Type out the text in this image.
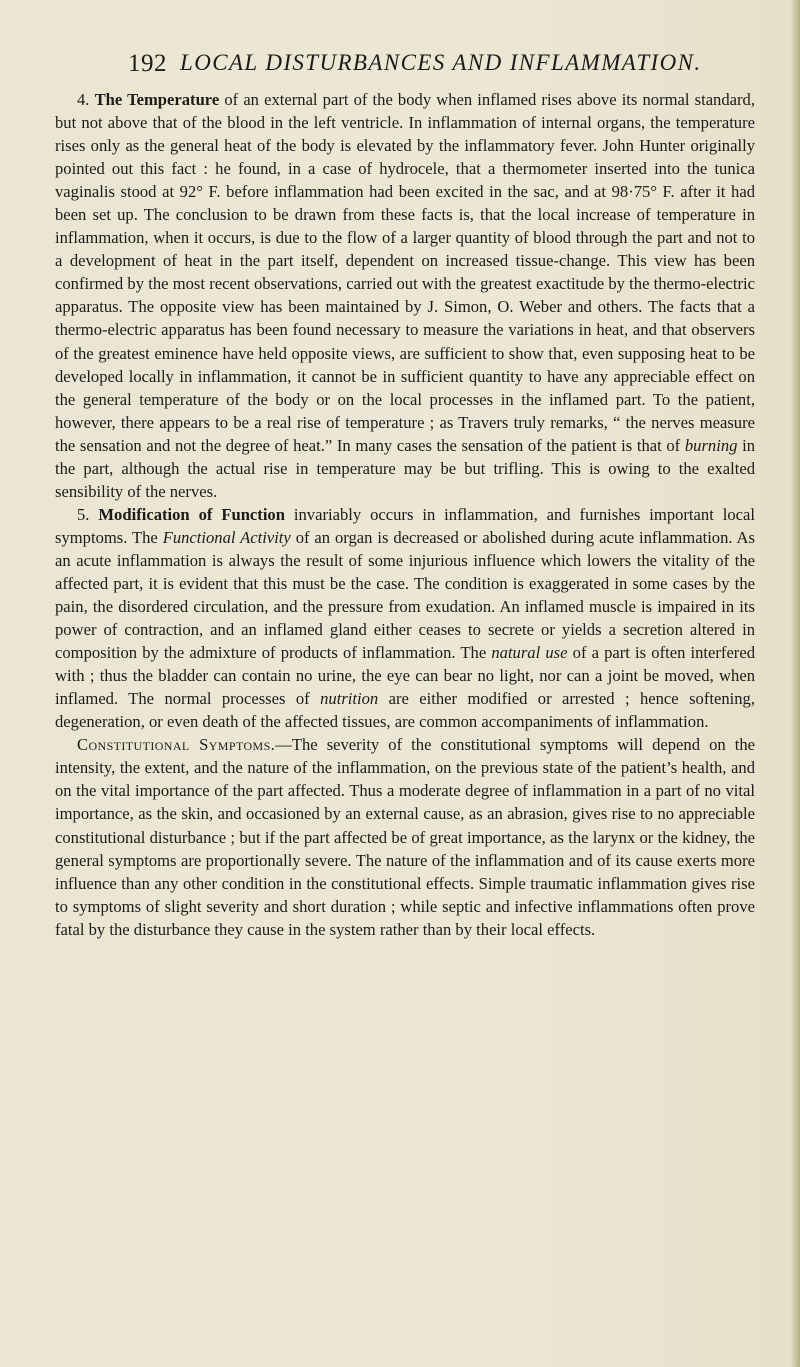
192 LOCAL DISTURBANCES AND INFLAMMATION.

4. The Temperature of an external part of the body when inflamed rises above its normal standard, but not above that of the blood in the left ventricle. In inflammation of internal organs, the temperature rises only as the general heat of the body is elevated by the inflammatory fever. John Hunter originally pointed out this fact : he found, in a case of hydrocele, that a thermometer inserted into the tunica vaginalis stood at 92° F. before inflammation had been excited in the sac, and at 98·75° F. after it had been set up. The conclusion to be drawn from these facts is, that the local increase of temperature in inflammation, when it occurs, is due to the flow of a larger quantity of blood through the part and not to a development of heat in the part itself, dependent on increased tissue-change. This view has been confirmed by the most recent observations, carried out with the greatest exactitude by the thermo-electric apparatus. The opposite view has been maintained by J. Simon, O. Weber and others. The facts that a thermo-electric apparatus has been found necessary to measure the variations in heat, and that observers of the greatest eminence have held opposite views, are sufficient to show that, even supposing heat to be developed locally in inflammation, it cannot be in sufficient quantity to have any appreciable effect on the general temperature of the body or on the local processes in the inflamed part. To the patient, however, there appears to be a real rise of temperature ; as Travers truly remarks, “ the nerves measure the sensation and not the degree of heat.” In many cases the sensation of the patient is that of burning in the part, although the actual rise in temperature may be but trifling. This is owing to the exalted sensibility of the nerves.

5. Modification of Function invariably occurs in inflammation, and furnishes important local symptoms. The Functional Activity of an organ is decreased or abolished during acute inflammation. As an acute inflammation is always the result of some injurious influence which lowers the vitality of the affected part, it is evident that this must be the case. The condition is exaggerated in some cases by the pain, the disordered circulation, and the pressure from exudation. An inflamed muscle is impaired in its power of contraction, and an inflamed gland either ceases to secrete or yields a secretion altered in composition by the admixture of products of inflammation. The natural use of a part is often interfered with ; thus the bladder can contain no urine, the eye can bear no light, nor can a joint be moved, when inflamed. The normal processes of nutrition are either modified or arrested ; hence softening, degeneration, or even death of the affected tissues, are common accompaniments of inflammation.

Constitutional Symptoms.—The severity of the constitutional symptoms will depend on the intensity, the extent, and the nature of the inflammation, on the previous state of the patient’s health, and on the vital importance of the part affected. Thus a moderate degree of inflammation in a part of no vital importance, as the skin, and occasioned by an external cause, as an abrasion, gives rise to no appreciable constitutional disturbance ; but if the part affected be of great importance, as the larynx or the kidney, the general symptoms are proportionally severe. The nature of the inflammation and of its cause exerts more influence than any other condition in the constitutional effects. Simple traumatic inflammation gives rise to symptoms of slight severity and short duration ; while septic and infective inflammations often prove fatal by the disturbance they cause in the system rather than by their local effects.
